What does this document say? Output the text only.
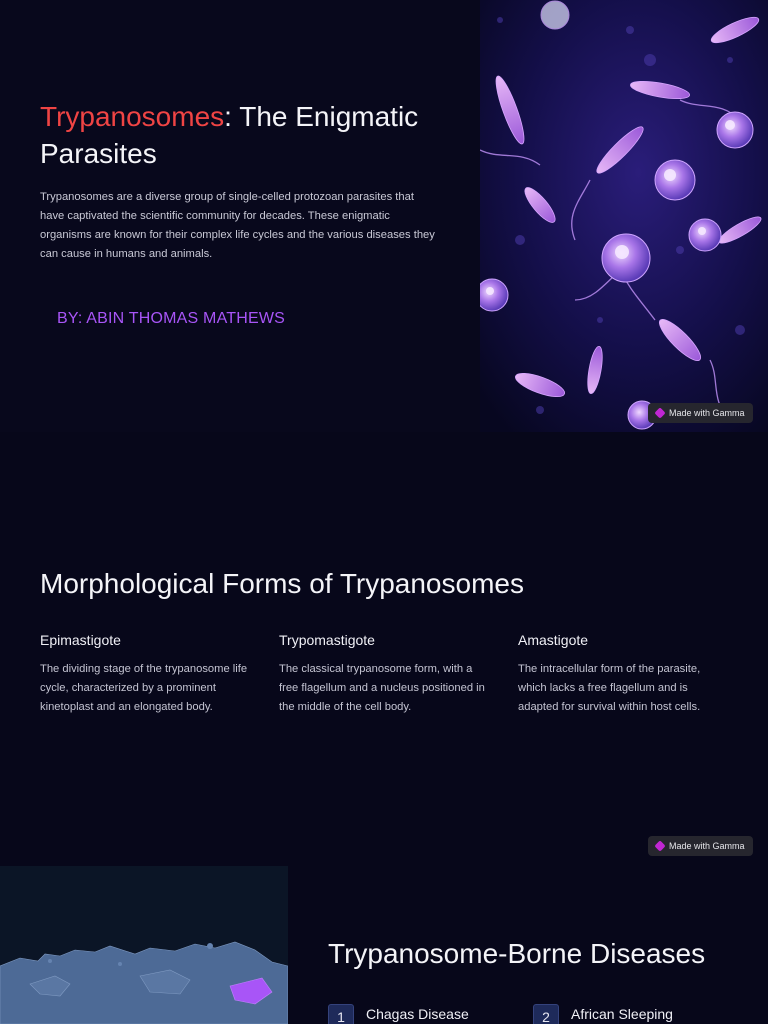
Trypanosomes: The Enigmatic Parasites

Trypanosomes are a diverse group of single-celled protozoan parasites that have captivated the scientific community for decades. These enigmatic organisms are known for their complex life cycles and the various diseases they can cause in humans and animals.

BY: ABIN THOMAS MATHEWS
Made with Gamma
Morphological Forms of Trypanosomes
Epimastigote

The dividing stage of the trypanosome life cycle, characterized by a prominent kinetoplast and an elongated body.

Trypomastigote

The classical trypanosome form, with a free flagellum and a nucleus positioned in the middle of the cell body.

Amastigote

The intracellular form of the parasite, which lacks a free flagellum and is adapted for survival within host cells.

Made with Gamma
Trypanosome-Borne Diseases
1	Chagas Disease	2	African Sleeping
